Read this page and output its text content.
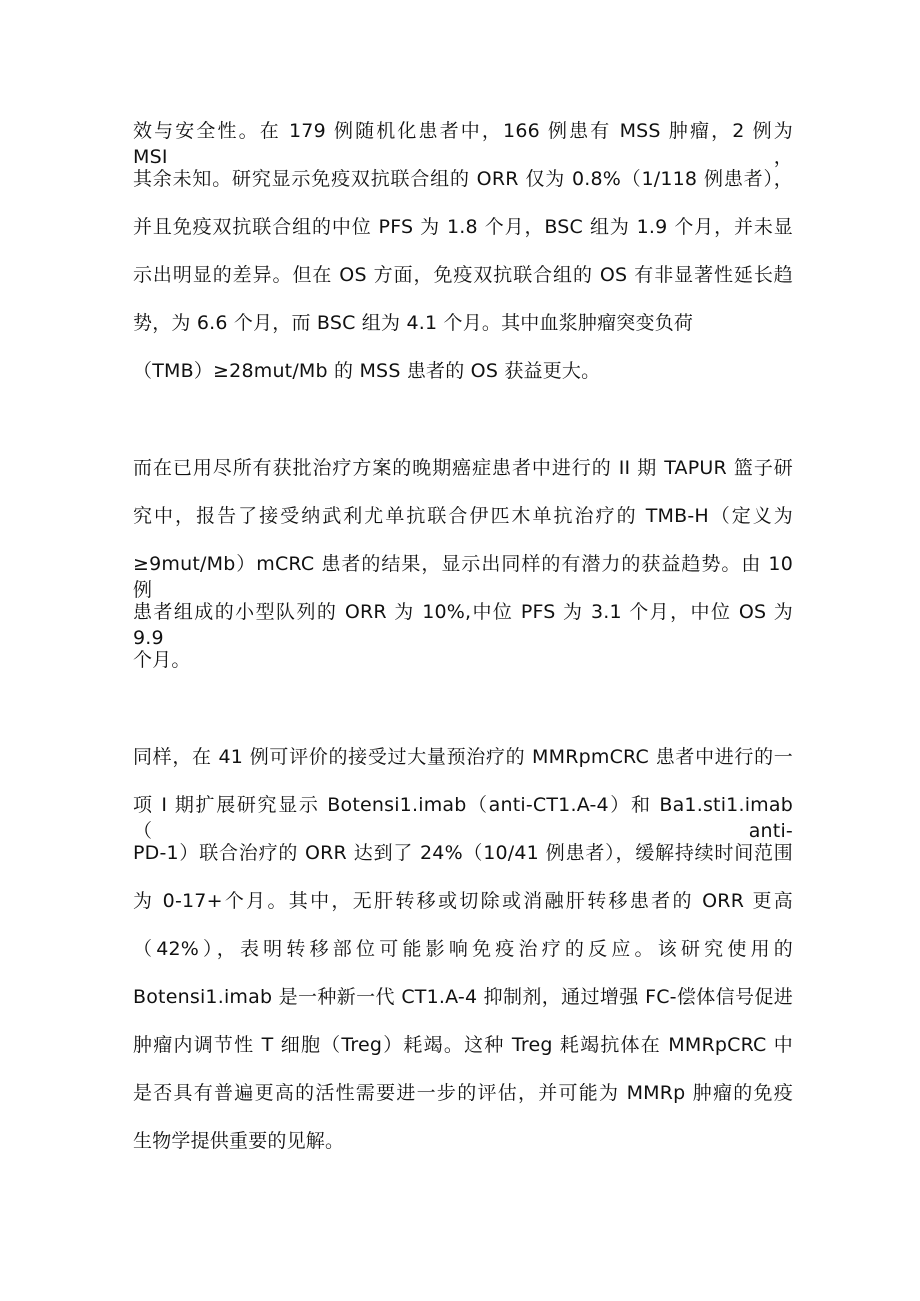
效与安全性。在 179 例随机化患者中，166 例患有 MSS 肿瘤，2 例为 MSI，
其余未知。研究显示免疫双抗联合组的 ORR 仅为 0.8%（1/118 例患者），
并且免疫双抗联合组的中位 PFS 为 1.8 个月，BSC 组为 1.9 个月，并未显
示出明显的差异。但在 OS 方面，免疫双抗联合组的 OS 有非显著性延长趋
势，为 6.6 个月，而 BSC 组为 4.1 个月。其中血浆肿瘤突变负荷
（TMB）≥28mut/Mb 的 MSS 患者的 OS 获益更大。
而在已用尽所有获批治疗方案的晚期癌症患者中进行的 II 期 TAPUR 篮子研
究中，报告了接受纳武利尤单抗联合伊匹木单抗治疗的 TMB-H（定义为
≥9mut/Mb）mCRC 患者的结果，显示出同样的有潜力的获益趋势。由 10 例
患者组成的小型队列的 ORR 为 10%,中位 PFS 为 3.1 个月，中位 OS 为 9.9
个月。
同样，在 41 例可评价的接受过大量预治疗的 MMRpmCRC 患者中进行的一
项 I 期扩展研究显示 Botensi1.imab（anti-CT1.A-4）和 Ba1.sti1.imab（anti-
PD-1）联合治疗的 ORR 达到了 24%（10/41 例患者），缓解持续时间范围
为 0-17+个月。其中，无肝转移或切除或消融肝转移患者的 ORR 更高
（42%），表明转移部位可能影响免疫治疗的反应。该研究使用的
Botensi1.imab 是一种新一代 CT1.A-4 抑制剂，通过增强 FC-偿体信号促进
肿瘤内调节性 T 细胞（Treg）耗竭。这种 Treg 耗竭抗体在 MMRpCRC 中
是否具有普遍更高的活性需要进一步的评估，并可能为 MMRp 肿瘤的免疫
生物学提供重要的见解。
